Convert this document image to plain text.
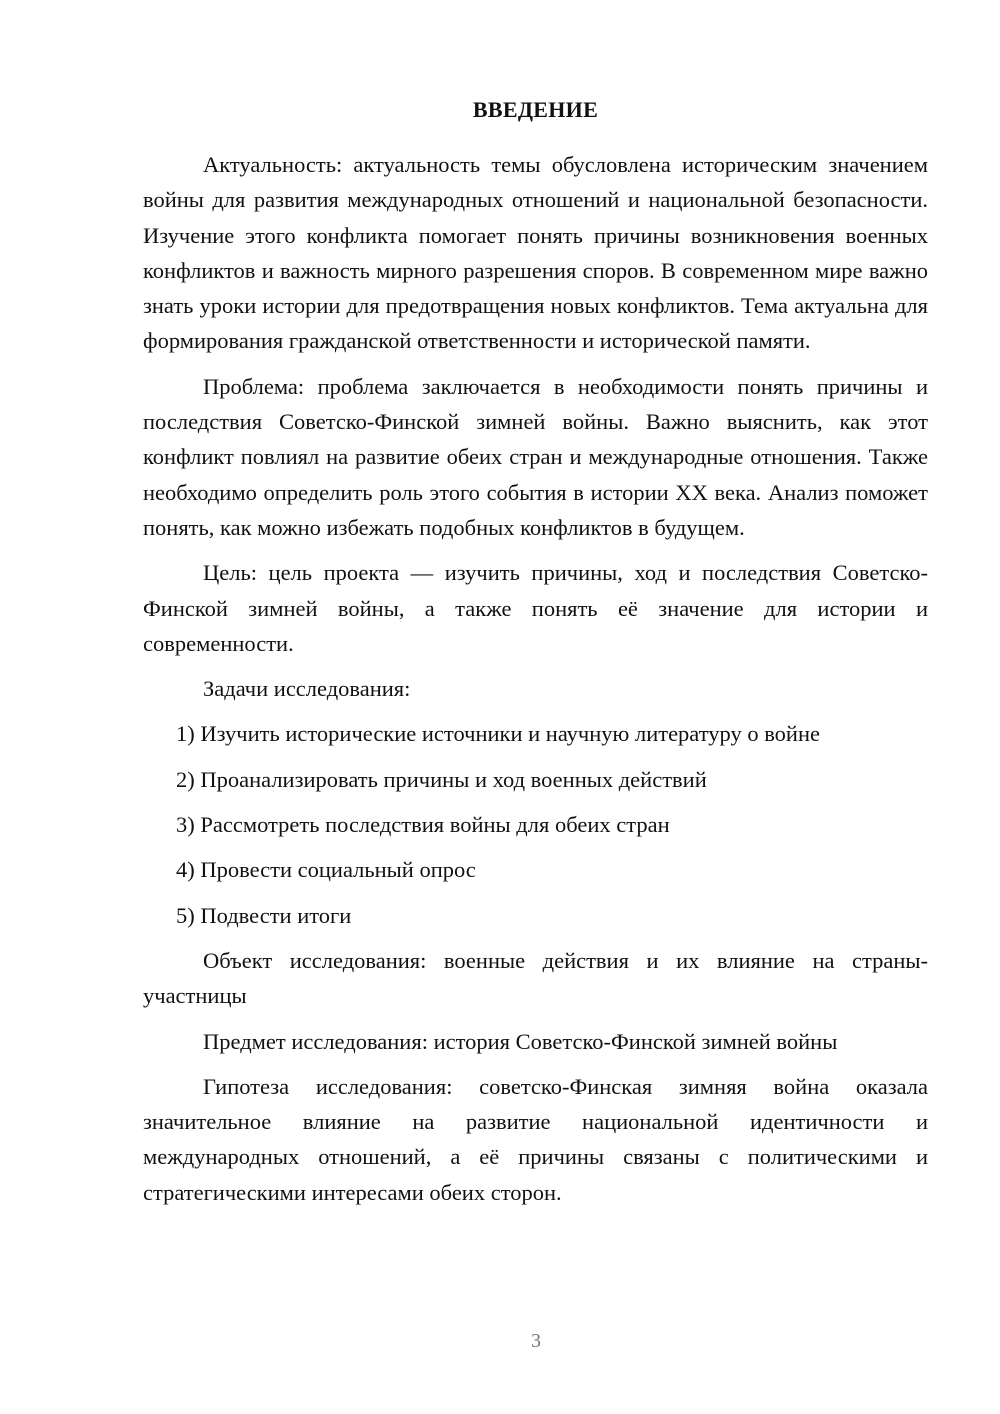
ВВЕДЕНИЕ

Актуальность: актуальность темы обусловлена историческим значением войны для развития международных отношений и национальной безопасности. Изучение этого конфликта помогает понять причины возникновения военных конфликтов и важность мирного разрешения споров. В современном мире важно знать уроки истории для предотвращения новых конфликтов. Тема актуальна для формирования гражданской ответственности и исторической памяти.

Проблема: проблема заключается в необходимости понять причины и последствия Советско-Финской зимней войны. Важно выяснить, как этот конфликт повлиял на развитие обеих стран и международные отношения. Также необходимо определить роль этого события в истории XX века. Анализ поможет понять, как можно избежать подобных конфликтов в будущем.

Цель: цель проекта — изучить причины, ход и последствия Советско-Финской зимней войны, а также понять её значение для истории и современности.

Задачи исследования:

1) Изучить исторические источники и научную литературу о войне
2) Проанализировать причины и ход военных действий
3) Рассмотреть последствия войны для обеих стран
4) Провести социальный опрос
5) Подвести итоги

Объект исследования: военные действия и их влияние на страны-участницы

Предмет исследования: история Советско-Финской зимней войны

Гипотеза исследования: советско-Финская зимняя война оказала значительное влияние на развитие национальной идентичности и международных отношений, а её причины связаны с политическими и стратегическими интересами обеих сторон.

3
